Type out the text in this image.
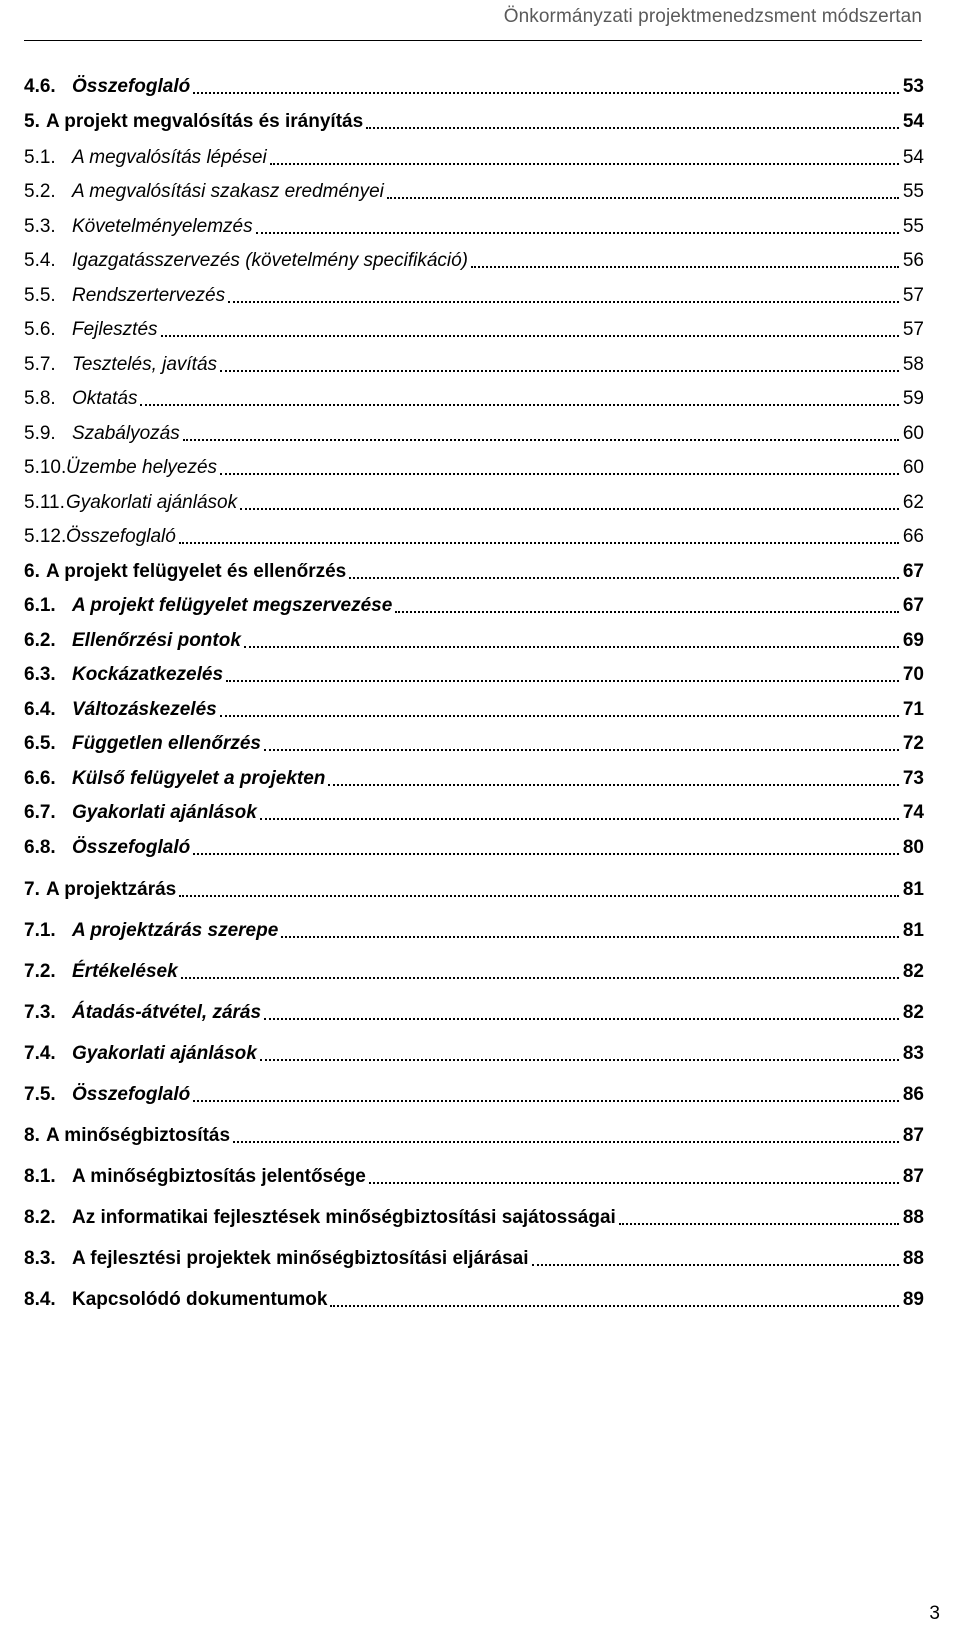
Önkormányzati projektmenedzsment módszertan
4.6. Összefoglaló	53
5. A projekt megvalósítás és irányítás	54
5.1. A megvalósítás lépései	54
5.2. A megvalósítási szakasz eredményei	55
5.3. Követelményelemzés	55
5.4. Igazgatásszervezés (követelmény specifikáció)	56
5.5. Rendszertervezés	57
5.6. Fejlesztés	57
5.7. Tesztelés, javítás	58
5.8. Oktatás	59
5.9. Szabályozás	60
5.10. Üzembe helyezés	60
5.11. Gyakorlati ajánlások	62
5.12. Összefoglaló	66
6. A projekt felügyelet és ellenőrzés	67
6.1. A projekt felügyelet megszervezése	67
6.2. Ellenőrzési pontok	69
6.3. Kockázatkezelés	70
6.4. Változáskezelés	71
6.5. Független ellenőrzés	72
6.6. Külső felügyelet a projekten	73
6.7. Gyakorlati ajánlások	74
6.8. Összefoglaló	80
7. A projektzárás	81
7.1. A projektzárás szerepe	81
7.2. Értékelések	82
7.3. Átadás-átvétel, zárás	82
7.4. Gyakorlati ajánlások	83
7.5. Összefoglaló	86
8. A minőségbiztosítás	87
8.1. A minőségbiztosítás jelentősége	87
8.2. Az informatikai fejlesztések minőségbiztosítási sajátosságai	88
8.3. A fejlesztési projektek minőségbiztosítási eljárásai	88
8.4. Kapcsolódó dokumentumok	89
3
